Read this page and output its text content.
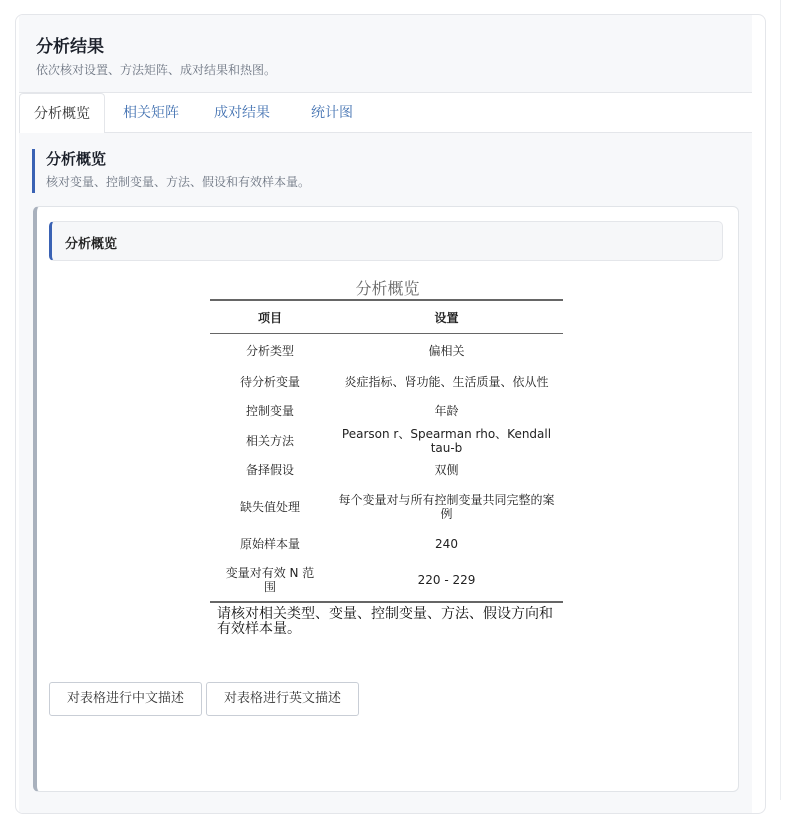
分析结果
依次核对设置、方法矩阵、成对结果和热图。
分析概览	相关矩阵	成对结果	统计图
分析概览
核对变量、控制变量、方法、假设和有效样本量。
分析概览
分析概览
项目	设置
分析类型	偏相关
待分析变量	炎症指标、肾功能、生活质量、依从性
控制变量	年龄
相关方法	Pearson r、Spearman rho、Kendall tau-b
备择假设	双侧
缺失值处理	每个变量对与所有控制变量共同完整的案例
原始样本量	240
变量对有效 N 范围	220 - 229
请核对相关类型、变量、控制变量、方法、假设方向和有效样本量。
对表格进行中文描述	对表格进行英文描述
